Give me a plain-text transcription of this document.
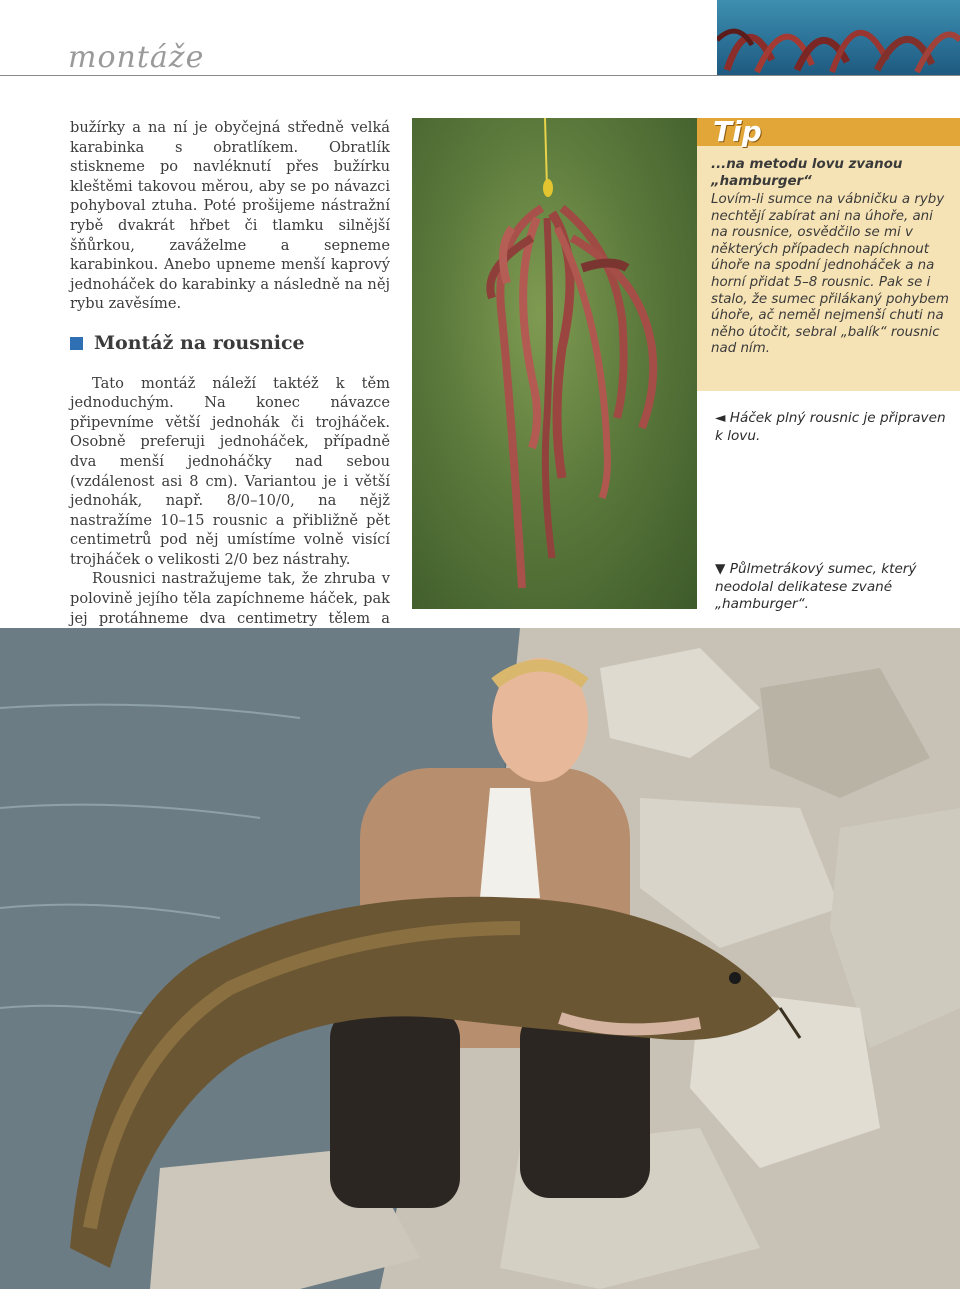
montáže

bužírky a na ní je obyčejná středně velká karabinka s obratlíkem. Obratlík stiskneme po navléknutí přes bužírku kleštěmi takovou měrou, aby se po návazci pohyboval ztuha. Poté prošijeme nástražní rybě dvakrát hřbet či tlamku silnější šňůrkou, zaváželme a sepneme karabinkou. Anebo upneme menší kaprový jednoháček do karabinky a následně na něj rybu zavěsíme.

Montáž na rousnice

Tato montáž náleží taktéž k těm jednoduchým. Na konec návazce připevníme větší jednohák či trojháček. Osobně preferuji jednoháček, případně dva menší jednoháčky nad sebou (vzdálenost asi 8 cm). Variantou je i větší jednohák, např. 8/0–10/0, na nějž nastražíme 10–15 rousnic a přibližně pět centimetrů pod něj umístíme volně visící trojháček o velikosti 2/0 bez nástrahy.

Rousnici nastražujeme tak, že zhruba v polovině jejího těla zapíchneme háček, pak jej protáhneme dva centimetry tělem a

Tip
...na metodu lovu zvanou „hamburger“
Lovím-li sumce na vábničku a ryby nechtějí zabírat ani na úhoře, ani na rousnice, osvědčilo se mi v některých případech napíchnout úhoře na spodní jednoháček a na horní přidat 5–8 rousnic. Pak se i stalo, že sumec přilákaný pohybem úhoře, ač neměl nejmenší chuti na něho útočit, sebral „balík“ rousnic nad ním.
◄ Háček plný rousnic je připraven k lovu.
▼ Půlmetrákový sumec, který neodolal delikatese zvané „hamburger“.
